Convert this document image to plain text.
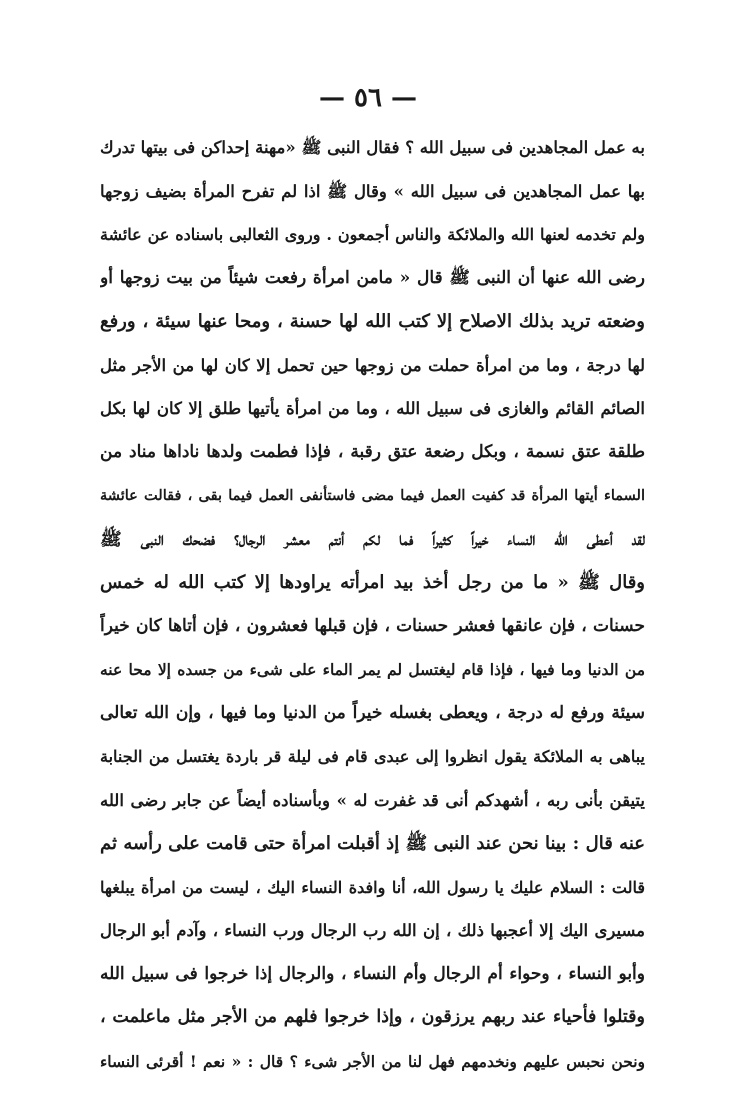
— ٥٦ —
به عمل المجاهدين فى سبيل الله ؟ فقال النبى ﷺ «مهنة إحداكن فى بيتها تدرك
بها عمل المجاهدين فى سبيل الله » وقال ﷺ اذا لم تفرح المرأة بضيف زوجها
ولم تخدمه لعنها الله والملائكة والناس أجمعون . وروى الثعالبى باسناده عن عائشة
رضى الله عنها أن النبى ﷺ قال « مامن امرأة رفعت شيئاً من بيت زوجها أو
وضعته تريد بذلك الاصلاح إلا كتب الله لها حسنة ، ومحا عنها سيئة ، ورفع
لها درجة ، وما من امرأة حملت من زوجها حين تحمل إلا كان لها من الأجر مثل
الصائم القائم والغازى فى سبيل الله ، وما من امرأة يأتيها طلق إلا كان لها بكل
طلقة عتق نسمة ، وبكل رضعة عتق رقبة ، فإذا فطمت ولدها ناداها مناد من
السماء أيتها المرأة قد كفيت العمل فيما مضى فاستأنفى العمل فيما بقى ، فقالت عائشة
لقد أعطى الله النساء خيراً كثيراً فما لكم أنتم معشر الرجال؟ فضحك النبى ﷺ
وقال ﷺ « ما من رجل أخذ بيد امرأته يراودها إلا كتب الله له خمس
حسنات ، فإن عانقها فعشر حسنات ، فإن قبلها فعشرون ، فإن أتاها كان خيراً
من الدنيا وما فيها ، فإذا قام ليغتسل لم يمر الماء على شىء من جسده إلا محا عنه
سيئة ورفع له درجة ، ويعطى بغسله خيراً من الدنيا وما فيها ، وإن الله تعالى
يباهى به الملائكة يقول انظروا إلى عبدى قام فى ليلة قر باردة يغتسل من الجنابة
يتيقن بأنى ربه ، أشهدكم أنى قد غفرت له » وبأسناده أيضاً عن جابر رضى الله
عنه قال : بينا نحن عند النبى ﷺ إذ أقبلت امرأة حتى قامت على رأسه ثم
قالت : السلام عليك يا رسول الله، أنا وافدة النساء اليك ، ليست من امرأة يبلغها
مسيرى اليك إلا أعجبها ذلك ، إن الله رب الرجال ورب النساء ، وآدم أبو الرجال
وأبو النساء ، وحواء أم الرجال وأم النساء ، والرجال إذا خرجوا فى سبيل الله
وقتلوا فأحياء عند ربهم يرزقون ، وإذا خرجوا فلهم من الأجر مثل ماعلمت ،
ونحن نحبس عليهم ونخدمهم فهل لنا من الأجر شىء ؟ قال : « نعم ! أقرئى النساء
